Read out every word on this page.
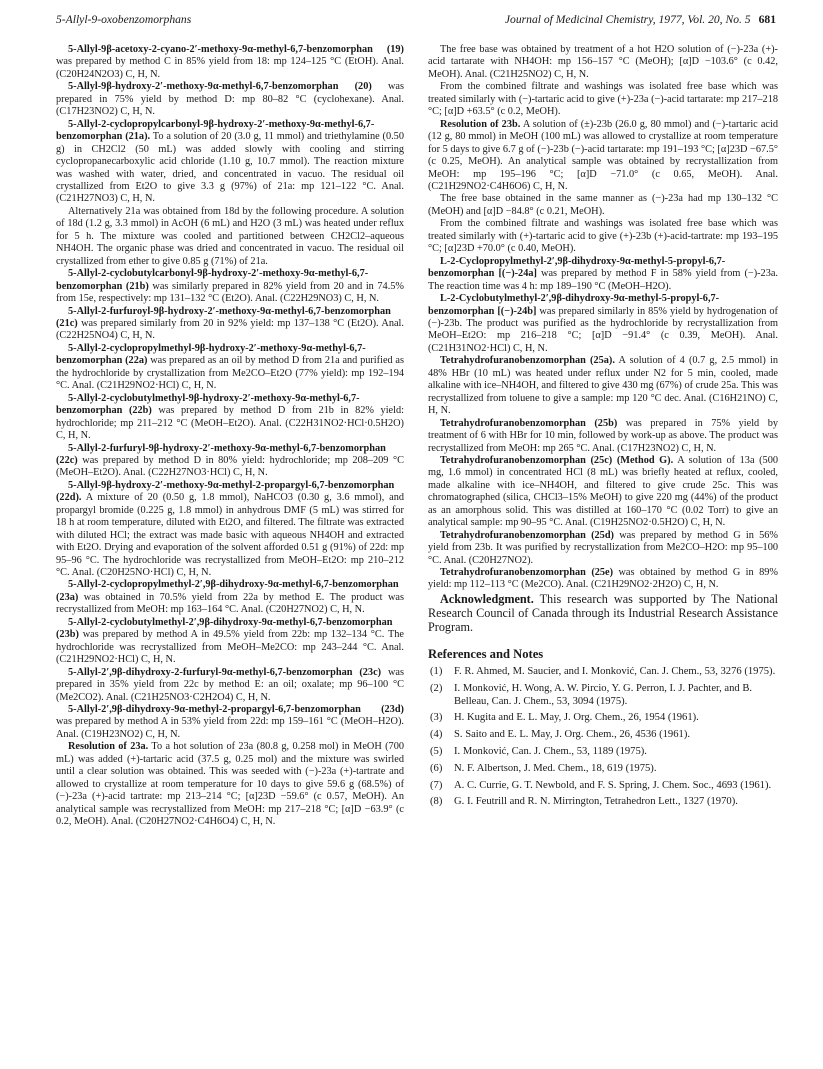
5-Allyl-9-oxobenzomorphans	Journal of Medicinal Chemistry, 1977, Vol. 20, No. 5 681

5-Allyl-9β-acetoxy-2-cyano-2′-methoxy-9α-methyl-6,7-benzomorphan (19) was prepared by method C in 85% yield from 18: mp 124–125 °C (EtOH). Anal. (C20H24N2O3) C, H, N.

5-Allyl-9β-hydroxy-2′-methoxy-9α-methyl-6,7-benzomorphan (20) was prepared in 75% yield by method D: mp 80–82 °C (cyclohexane). Anal. (C17H23NO2) C, H, N.

5-Allyl-2-cyclopropylcarbonyl-9β-hydroxy-2′-methoxy-9α-methyl-6,7-benzomorphan (21a). To a solution of 20 (3.0 g, 11 mmol) and triethylamine (0.50 g) in CH2Cl2 (50 mL) was added slowly with cooling and stirring cyclopropanecarboxylic acid chloride (1.10 g, 10.7 mmol). The reaction mixture was washed with water, dried, and concentrated in vacuo. The residual oil crystallized from Et2O to give 3.3 g (97%) of 21a: mp 121–122 °C. Anal. (C21H27NO3) C, H, N.

Alternatively 21a was obtained from 18d by the following procedure. A solution of 18d (1.2 g, 3.3 mmol) in AcOH (6 mL) and H2O (3 mL) was heated under reflux for 5 h. The mixture was cooled and partitioned between CH2Cl2–aqueous NH4OH. The organic phase was dried and concentrated in vacuo. The residual oil crystallized from ether to give 0.85 g (71%) of 21a.

5-Allyl-2-cyclobutylcarbonyl-9β-hydroxy-2′-methoxy-9α-methyl-6,7-benzomorphan (21b) was similarly prepared in 82% yield from 20 and in 74.5% from 15e, respectively: mp 131–132 °C (Et2O). Anal. (C22H29NO3) C, H, N.

5-Allyl-2-furfuroyl-9β-hydroxy-2′-methoxy-9α-methyl-6,7-benzomorphan (21c) was prepared similarly from 20 in 92% yield: mp 137–138 °C (Et2O). Anal. (C22H25NO4) C, H, N.

5-Allyl-2-cyclopropylmethyl-9β-hydroxy-2′-methoxy-9α-methyl-6,7-benzomorphan (22a) was prepared as an oil by method D from 21a and purified as the hydrochloride by crystallization from Me2CO–Et2O (77% yield): mp 192–194 °C. Anal. (C21H29NO2·HCl) C, H, N.

5-Allyl-2-cyclobutylmethyl-9β-hydroxy-2′-methoxy-9α-methyl-6,7-benzomorphan (22b) was prepared by method D from 21b in 82% yield: hydrochloride; mp 211–212 °C (MeOH–Et2O). Anal. (C22H31NO2·HCl·0.5H2O) C, H, N.

5-Allyl-2-furfuryl-9β-hydroxy-2′-methoxy-9α-methyl-6,7-benzomorphan (22c) was prepared by method D in 80% yield: hydrochloride; mp 208–209 °C (MeOH–Et2O). Anal. (C22H27NO3·HCl) C, H, N.

5-Allyl-9β-hydroxy-2′-methoxy-9α-methyl-2-propargyl-6,7-benzomorphan (22d). A mixture of 20 (0.50 g, 1.8 mmol), NaHCO3 (0.30 g, 3.6 mmol), and propargyl bromide (0.225 g, 1.8 mmol) in anhydrous DMF (5 mL) was stirred for 18 h at room temperature, diluted with Et2O, and filtered. The filtrate was extracted with diluted HCl; the extract was made basic with aqueous NH4OH and extracted with Et2O. Drying and evaporation of the solvent afforded 0.51 g (91%) of 22d: mp 95–96 °C. The hydrochloride was recrystallized from MeOH–Et2O: mp 210–212 °C. Anal. (C20H25NO·HCl) C, H, N.

5-Allyl-2-cyclopropylmethyl-2′,9β-dihydroxy-9α-methyl-6,7-benzomorphan (23a) was obtained in 70.5% yield from 22a by method E. The product was recrystallized from MeOH: mp 163–164 °C. Anal. (C20H27NO2) C, H, N.

5-Allyl-2-cyclobutylmethyl-2′,9β-dihydroxy-9α-methyl-6,7-benzomorphan (23b) was prepared by method A in 49.5% yield from 22b: mp 132–134 °C. The hydrochloride was recrystallized from MeOH–Me2CO: mp 243–244 °C. Anal. (C21H29NO2·HCl) C, H, N.

5-Allyl-2′,9β-dihydroxy-2-furfuryl-9α-methyl-6,7-benzomorphan (23c) was prepared in 35% yield from 22c by method E: an oil; oxalate; mp 96–100 °C (Me2CO2). Anal. (C21H25NO3·C2H2O4) C, H, N.

5-Allyl-2′,9β-dihydroxy-9α-methyl-2-propargyl-6,7-benzomorphan (23d) was prepared by method A in 53% yield from 22d: mp 159–161 °C (MeOH–H2O). Anal. (C19H23NO2) C, H, N.

Resolution of 23a. To a hot solution of 23a (80.8 g, 0.258 mol) in MeOH (700 mL) was added (+)-tartaric acid (37.5 g, 0.25 mol) and the mixture was swirled until a clear solution was obtained. This was seeded with (−)-23a (+)-tartrate and allowed to crystallize at room temperature for 10 days to give 59.6 g (68.5%) of (−)-23a (+)-acid tartrate: mp 213–214 °C; [α]23D −59.6° (c 0.57, MeOH). An analytical sample was recrystallized from MeOH: mp 217–218 °C; [α]D −63.9° (c 0.2, MeOH). Anal. (C20H27NO2·C4H6O4) C, H, N.

The free base was obtained by treatment of a hot H2O solution of (−)-23a (+)-acid tartarate with NH4OH: mp 156–157 °C (MeOH); [α]D −103.6° (c 0.42, MeOH). Anal. (C21H25NO2) C, H, N.

From the combined filtrate and washings was isolated free base which was treated similarly with (−)-tartaric acid to give (+)-23a (−)-acid tartarate: mp 217–218 °C; [α]D +63.5° (c 0.2, MeOH).

Resolution of 23b. A solution of (±)-23b (26.0 g, 80 mmol) and (−)-tartaric acid (12 g, 80 mmol) in MeOH (100 mL) was allowed to crystallize at room temperature for 5 days to give 6.7 g of (−)-23b (−)-acid tartarate: mp 191–193 °C; [α]23D −67.5° (c 0.25, MeOH). An analytical sample was obtained by recrystallization from MeOH: mp 195–196 °C; [α]D −71.0° (c 0.65, MeOH). Anal. (C21H29NO2·C4H6O6) C, H, N.

The free base obtained in the same manner as (−)-23a had mp 130–132 °C (MeOH) and [α]D −84.8° (c 0.21, MeOH).

From the combined filtrate and washings was isolated free base which was treated similarly with (+)-tartaric acid to give (+)-23b (+)-acid-tartrate: mp 193–195 °C; [α]23D +70.0° (c 0.40, MeOH).

L-2-Cyclopropylmethyl-2′,9β-dihydroxy-9α-methyl-5-propyl-6,7-benzomorphan [(−)-24a] was prepared by method F in 58% yield from (−)-23a. The reaction time was 4 h: mp 189–190 °C (MeOH–H2O).

L-2-Cyclobutylmethyl-2′,9β-dihydroxy-9α-methyl-5-propyl-6,7-benzomorphan [(−)-24b] was prepared similarly in 85% yield by hydrogenation of (−)-23b. The product was purified as the hydrochloride by recrystallization from MeOH–Et2O: mp 216–218 °C; [α]D −91.4° (c 0.39, MeOH). Anal. (C21H31NO2·HCl) C, H, N.

Tetrahydrofuranobenzomorphan (25a). A solution of 4 (0.7 g, 2.5 mmol) in 48% HBr (10 mL) was heated under reflux under N2 for 5 min, cooled, made alkaline with ice–NH4OH, and filtered to give 430 mg (67%) of crude 25a. This was recrystallized from toluene to give a sample: mp 120 °C dec. Anal. (C16H21NO) C, H, N.

Tetrahydrofuranobenzomorphan (25b) was prepared in 75% yield by treatment of 6 with HBr for 10 min, followed by work-up as above. The product was recrystallized from MeOH: mp 265 °C. Anal. (C17H23NO2) C, H, N.

Tetrahydrofuranobenzomorphan (25c) (Method G). A solution of 13a (500 mg, 1.6 mmol) in concentrated HCl (8 mL) was briefly heated at reflux, cooled, made alkaline with ice–NH4OH, and filtered to give crude 25c. This was chromatographed (silica, CHCl3–15% MeOH) to give 220 mg (44%) of the product as an amorphous solid. This was distilled at 160–170 °C (0.02 Torr) to give an analytical sample: mp 90–95 °C. Anal. (C19H25NO2·0.5H2O) C, H, N.

Tetrahydrofuranobenzomorphan (25d) was prepared by method G in 56% yield from 23b. It was purified by recrystallization from Me2CO–H2O: mp 95–100 °C. Anal. (C20H27NO2).

Tetrahydrofuranobenzomorphan (25e) was obtained by method G in 89% yield: mp 112–113 °C (Me2CO). Anal. (C21H29NO2·2H2O) C, H, N.

Acknowledgment. This research was supported by The National Research Council of Canada through its Industrial Research Assistance Program.

References and Notes
(1) F. R. Ahmed, M. Saucier, and I. Monković, Can. J. Chem., 53, 3276 (1975).
(2) I. Monković, H. Wong, A. W. Pircio, Y. G. Perron, I. J. Pachter, and B. Belleau, Can. J. Chem., 53, 3094 (1975).
(3) H. Kugita and E. L. May, J. Org. Chem., 26, 1954 (1961).
(4) S. Saito and E. L. May, J. Org. Chem., 26, 4536 (1961).
(5) I. Monković, Can. J. Chem., 53, 1189 (1975).
(6) N. F. Albertson, J. Med. Chem., 18, 619 (1975).
(7) A. C. Currie, G. T. Newbold, and F. S. Spring, J. Chem. Soc., 4693 (1961).
(8) G. I. Feutrill and R. N. Mirrington, Tetrahedron Lett., 1327 (1970).
